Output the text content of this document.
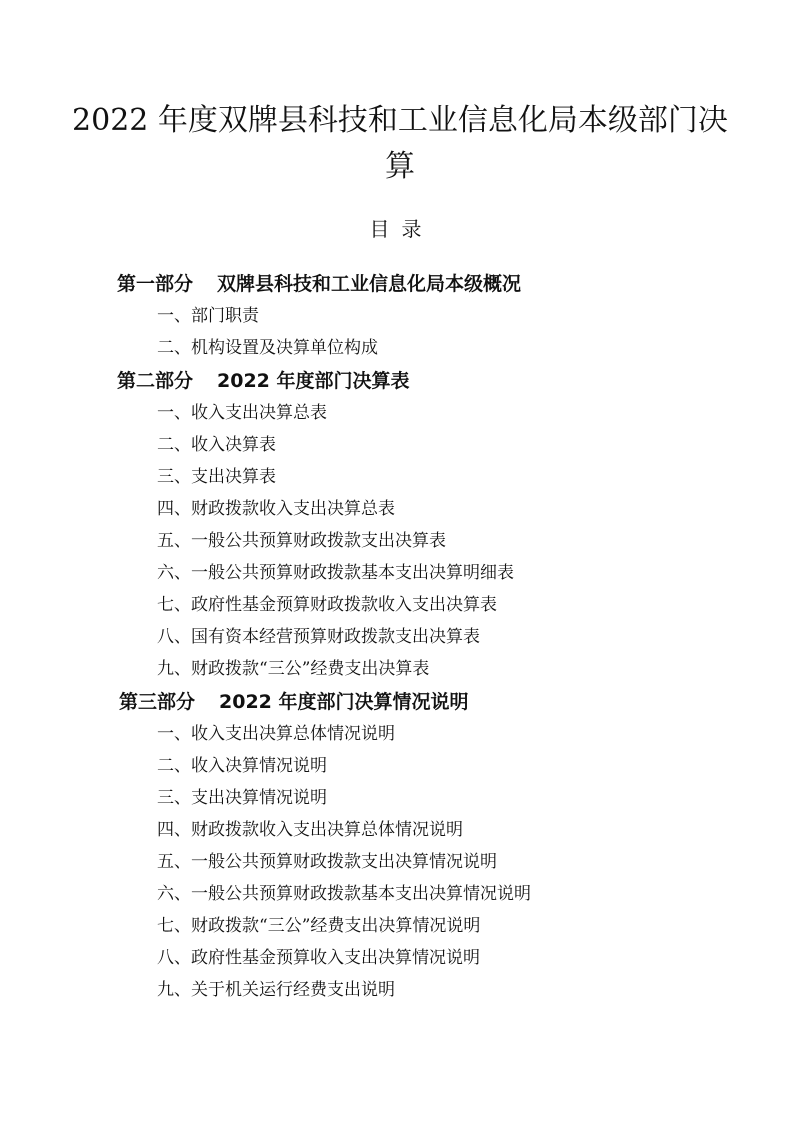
2022 年度双牌县科技和工业信息化局本级部门决
算
目录
第一部分 双牌县科技和工业信息化局本级概况
一、部门职责
二、机构设置及决算单位构成
第二部分 2022 年度部门决算表
一、收入支出决算总表
二、收入决算表
三、支出决算表
四、财政拨款收入支出决算总表
五、一般公共预算财政拨款支出决算表
六、一般公共预算财政拨款基本支出决算明细表
七、政府性基金预算财政拨款收入支出决算表
八、国有资本经营预算财政拨款支出决算表
九、财政拨款“三公”经费支出决算表
第三部分 2022 年度部门决算情况说明
一、收入支出决算总体情况说明
二、收入决算情况说明
三、支出决算情况说明
四、财政拨款收入支出决算总体情况说明
五、一般公共预算财政拨款支出决算情况说明
六、一般公共预算财政拨款基本支出决算情况说明
七、财政拨款“三公”经费支出决算情况说明
八、政府性基金预算收入支出决算情况说明
九、关于机关运行经费支出说明
